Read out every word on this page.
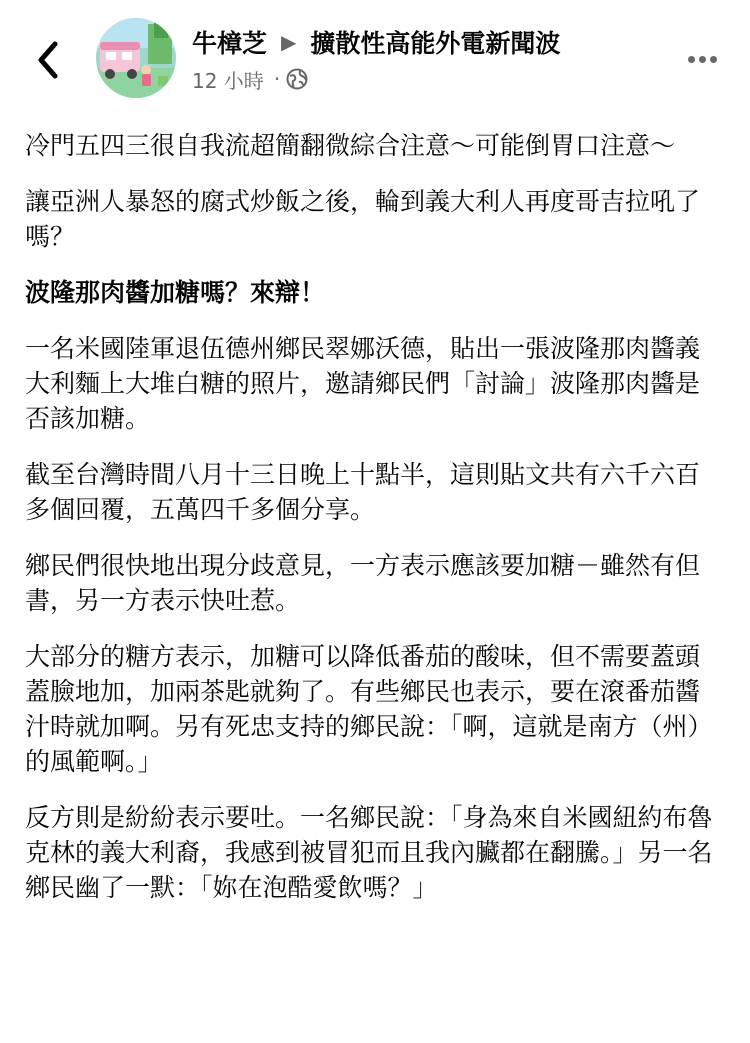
牛樟芝 ▶ 擴散性高能外電新聞波
12 小時 ·

冷門五四三很自我流超簡翻微綜合注意～可能倒胃口注意～

讓亞洲人暴怒的腐式炒飯之後，輪到義大利人再度哥吉拉吼了嗎？

波隆那肉醬加糖嗎？來辯！

一名米國陸軍退伍德州鄉民翠娜沃德，貼出一張波隆那肉醬義大利麵上大堆白糖的照片，邀請鄉民們「討論」波隆那肉醬是否該加糖。

截至台灣時間八月十三日晚上十點半，這則貼文共有六千六百多個回覆，五萬四千多個分享。

鄉民們很快地出現分歧意見，一方表示應該要加糖－雖然有但書，另一方表示快吐惹。

大部分的糖方表示，加糖可以降低番茄的酸味，但不需要蓋頭蓋臉地加，加兩茶匙就夠了。有些鄉民也表示，要在滾番茄醬汁時就加啊。另有死忠支持的鄉民說：「啊，這就是南方（州）的風範啊。」

反方則是紛紛表示要吐。一名鄉民說：「身為來自米國紐約布魯克林的義大利裔，我感到被冒犯而且我內臟都在翻騰。」另一名鄉民幽了一默：「妳在泡酷愛飲嗎？」
